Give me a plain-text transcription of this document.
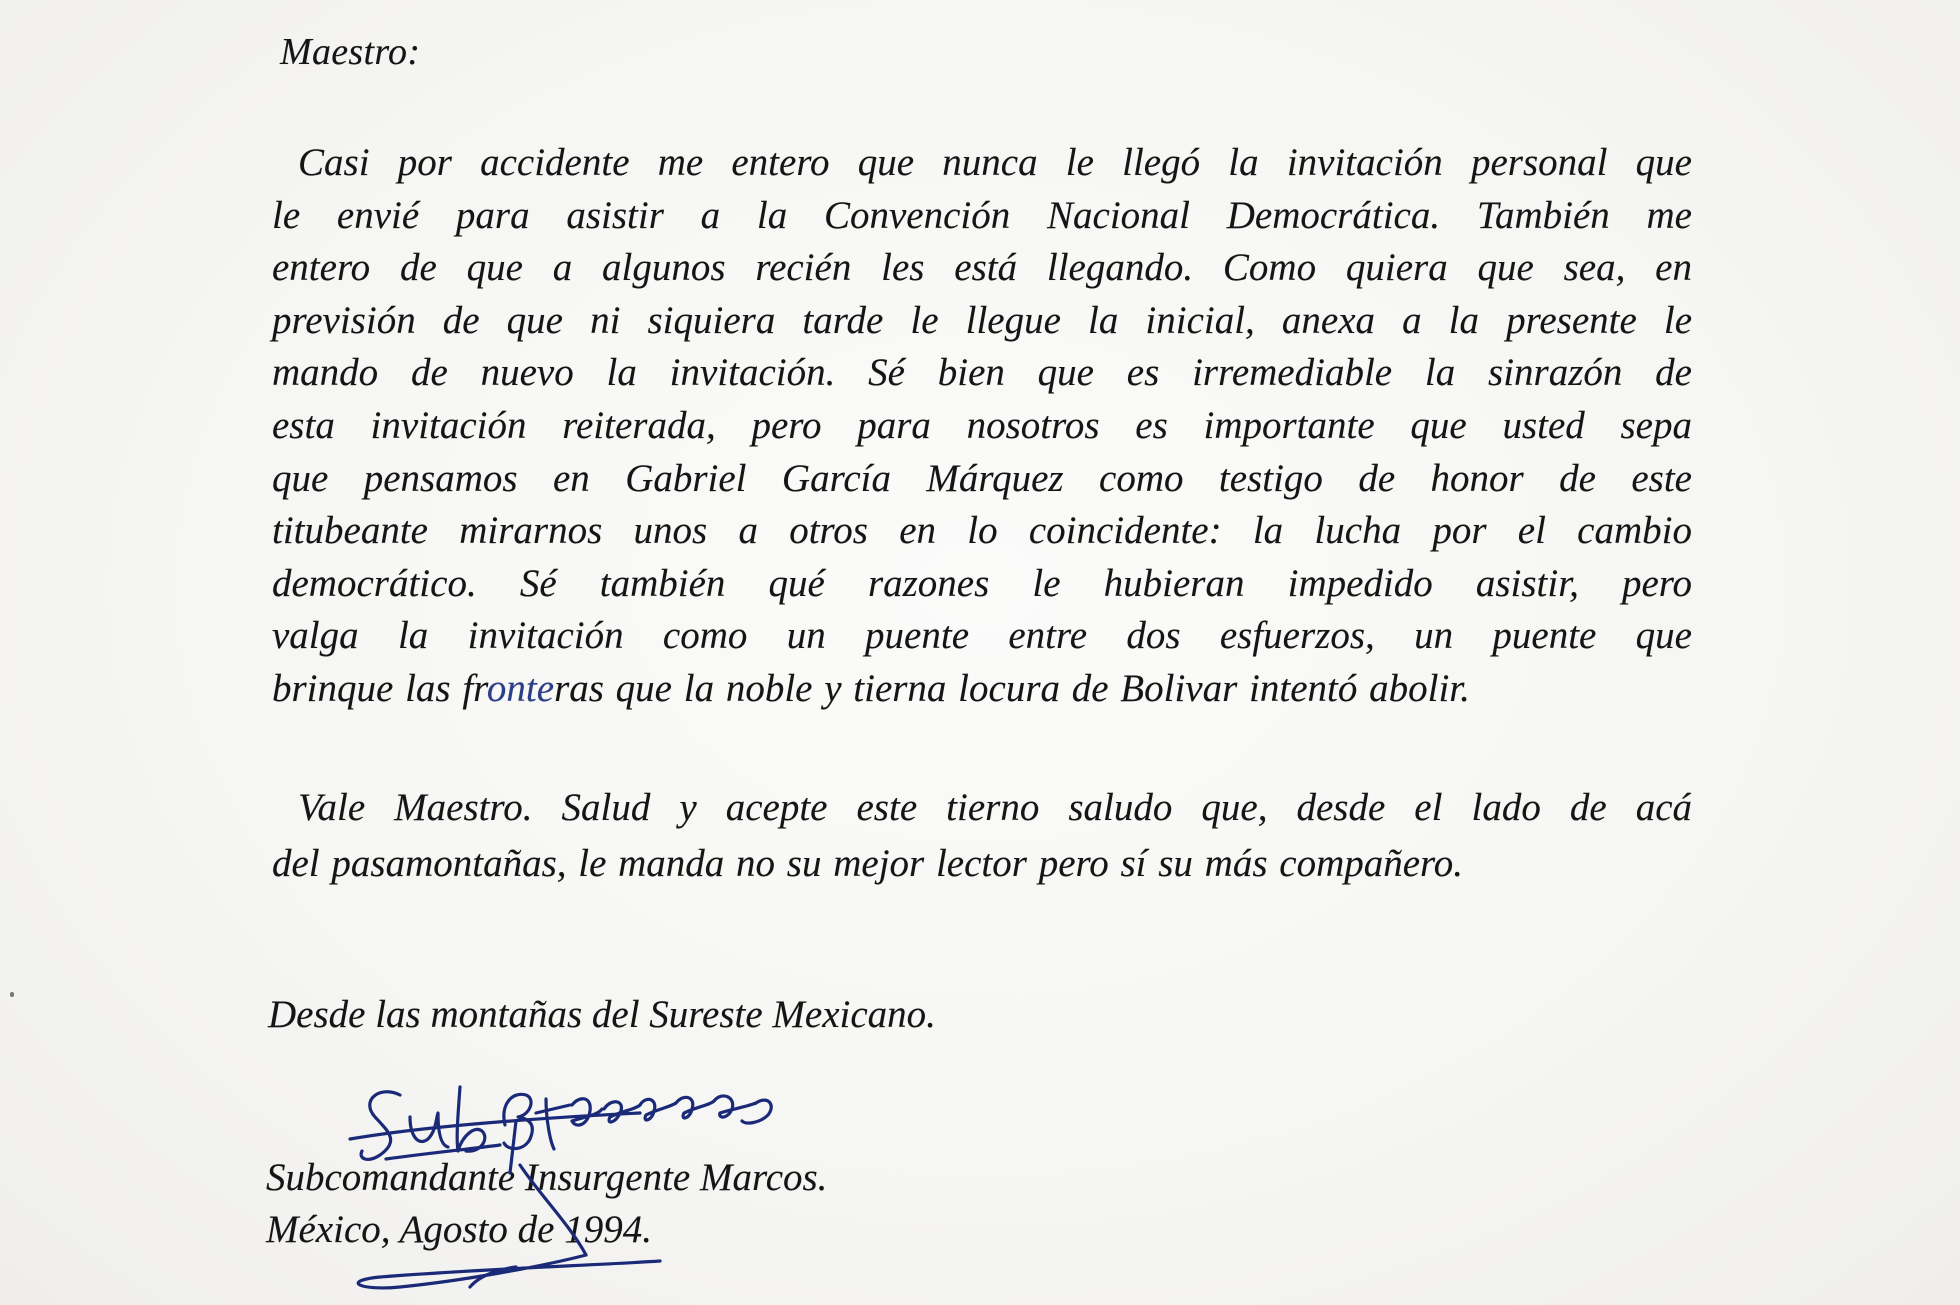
Maestro:
Casi por accidente me entero que nunca le llegó la invitación personal que
le envié para asistir a la Convención Nacional Democrática. También me
entero de que a algunos recién les está llegando. Como quiera que sea, en
previsión de que ni siquiera tarde le llegue la inicial, anexa a la presente le
mando de nuevo la invitación. Sé bien que es irremediable la sinrazón de
esta invitación reiterada, pero para nosotros es importante que usted sepa
que pensamos en Gabriel García Márquez como testigo de honor de este
titubeante mirarnos unos a otros en lo coincidente: la lucha por el cambio
democrático. Sé también qué razones le hubieran impedido asistir, pero
valga la invitación como un puente entre dos esfuerzos, un puente que
brinque las fronteras que la noble y tierna locura de Bolivar intentó abolir.
Vale Maestro. Salud y acepte este tierno saludo que, desde el lado de acá
del pasamontañas, le manda no su mejor lector pero sí su más compañero.
Desde las montañas del Sureste Mexicano.
Subcomandante Insurgente Marcos.
México, Agosto de 1994.
